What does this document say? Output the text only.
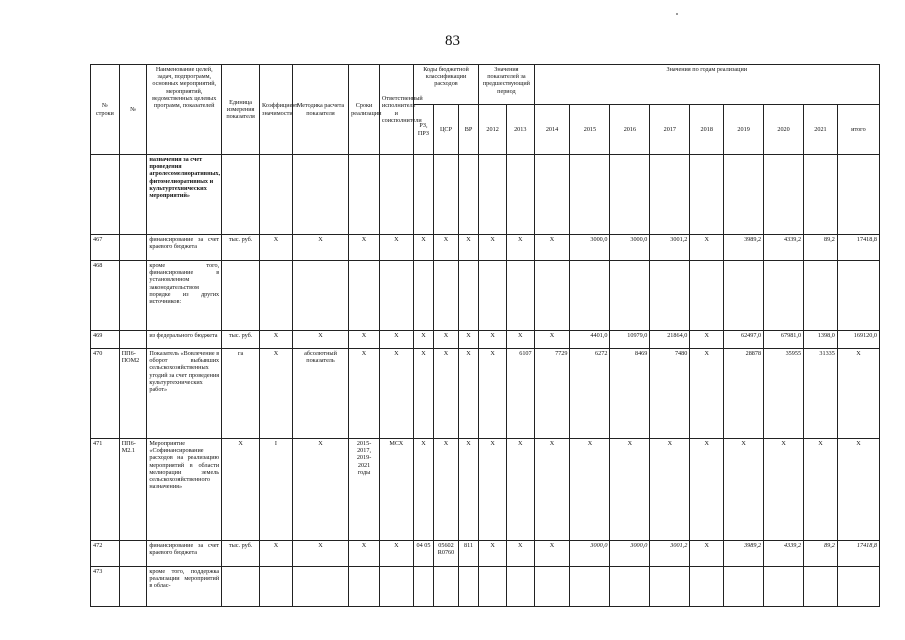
83
№ строки	№	Наименование целей, задач, подпрограмм, основных мероприятий, мероприятий, ведомственных целевых программ, показателей	Единица измерения показателя	Коэффициент значимости	Методика расчета показателя	Сроки реализации	Ответственный исполнитель и соисполнители	Коды бюджетной классификации расходов			Значения показателей за предшествующий период		Значения по годам реализации								
								РЗ, ПРЗ	ЦСР	ВР	2012	2013	2014	2015	2016	2017	2018	2019	2020	2021	итого
		назначения за счет проведения агролесомелиоративных, фитомелиоративных и культуртехнических мероприятий»																			
467		финансирование за счет краевого бюджета	тыс. руб.	X	X	X	X	X	X	X	X	X	X	3000,0	3000,0	3001,2	X	3989,2	4339,2	89,2	17418,8
468		кроме того, финансирование в установленном законодательством порядке из других источников:																			
469		из федерального бюджета	тыс. руб.	X	X	X	X	X	X	X	X	X	X	4401,0	10979,0	21864,0	X	62497,0	67981,0	1398,0	169120,0
470	ПП6-ПОМ2	Показатель «Вовлечение в оборот выбывших сельскохозяйственных угодий за счет проведения культуртехнических работ»	га	X	абсолютный показатель	X	X	X	X	X	X	6107	7729	6272	8469	7480	X	28878	35955	31335	X
471	ПП6-М2.1	Мероприятие «Софинансирование расходов на реализацию мероприятий в области мелиорации земель сельскохозяйственного назначения»	X	I	X	2015-2017, 2019-2021 годы	МСХ	X	X	X	X	X	X	X	X	X	X	X	X	X	X
472		финансирование за счет краевого бюджета	тыс. руб.	X	X	X	X	04 05	05602 R0760	811	X	X	X	3000,0	3000,0	3001,2	X	3989,2	4339,2	89,2	17418,8
473		кроме того, поддержка реализации мероприятий в облас-																			
